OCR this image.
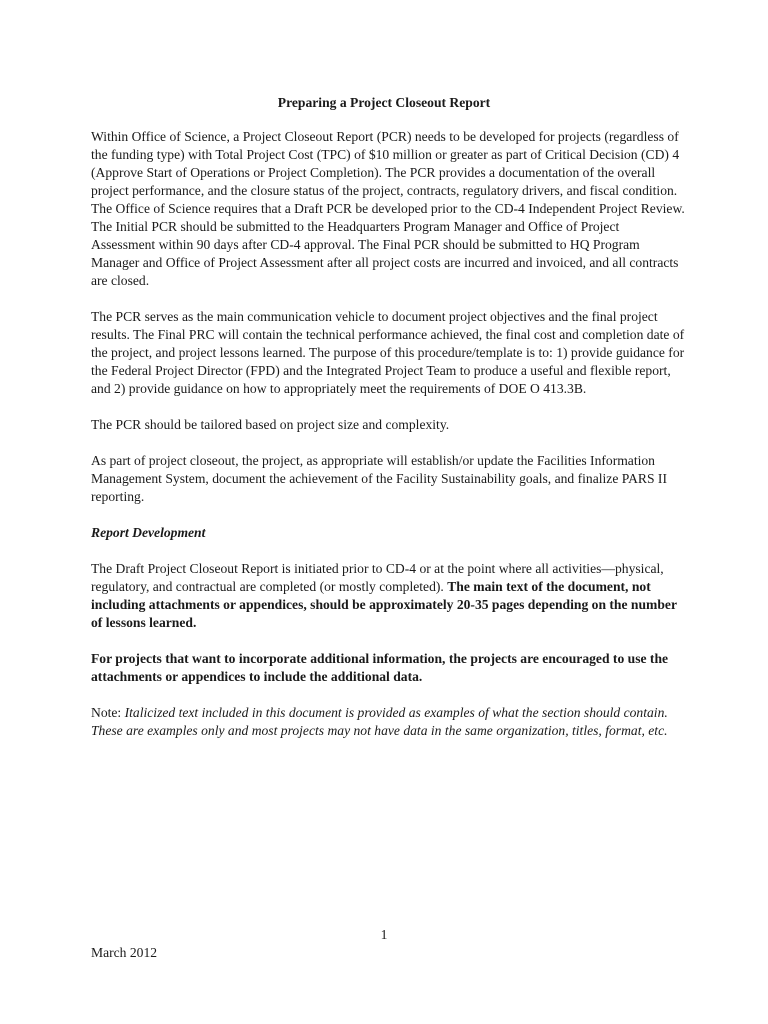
Preparing a Project Closeout Report

Within Office of Science, a Project Closeout Report (PCR) needs to be developed for projects (regardless of the funding type) with Total Project Cost (TPC) of $10 million or greater as part of Critical Decision (CD) 4 (Approve Start of Operations or Project Completion). The PCR provides a documentation of the overall project performance, and the closure status of the project, contracts, regulatory drivers, and fiscal condition. The Office of Science requires that a Draft PCR be developed prior to the CD-4 Independent Project Review. The Initial PCR should be submitted to the Headquarters Program Manager and Office of Project Assessment within 90 days after CD-4 approval. The Final PCR should be submitted to HQ Program Manager and Office of Project Assessment after all project costs are incurred and invoiced, and all contracts are closed.

The PCR serves as the main communication vehicle to document project objectives and the final project results. The Final PRC will contain the technical performance achieved, the final cost and completion date of the project, and project lessons learned. The purpose of this procedure/template is to: 1) provide guidance for the Federal Project Director (FPD) and the Integrated Project Team to produce a useful and flexible report, and 2) provide guidance on how to appropriately meet the requirements of DOE O 413.3B.

The PCR should be tailored based on project size and complexity.

As part of project closeout, the project, as appropriate will establish/or update the Facilities Information Management System, document the achievement of the Facility Sustainability goals, and finalize PARS II reporting.

Report Development

The Draft Project Closeout Report is initiated prior to CD-4 or at the point where all activities—physical, regulatory, and contractual are completed (or mostly completed). The main text of the document, not including attachments or appendices, should be approximately 20-35 pages depending on the number of lessons learned.

For projects that want to incorporate additional information, the projects are encouraged to use the attachments or appendices to include the additional data.

Note: Italicized text included in this document is provided as examples of what the section should contain. These are examples only and most projects may not have data in the same organization, titles, format, etc.

1
March 2012
